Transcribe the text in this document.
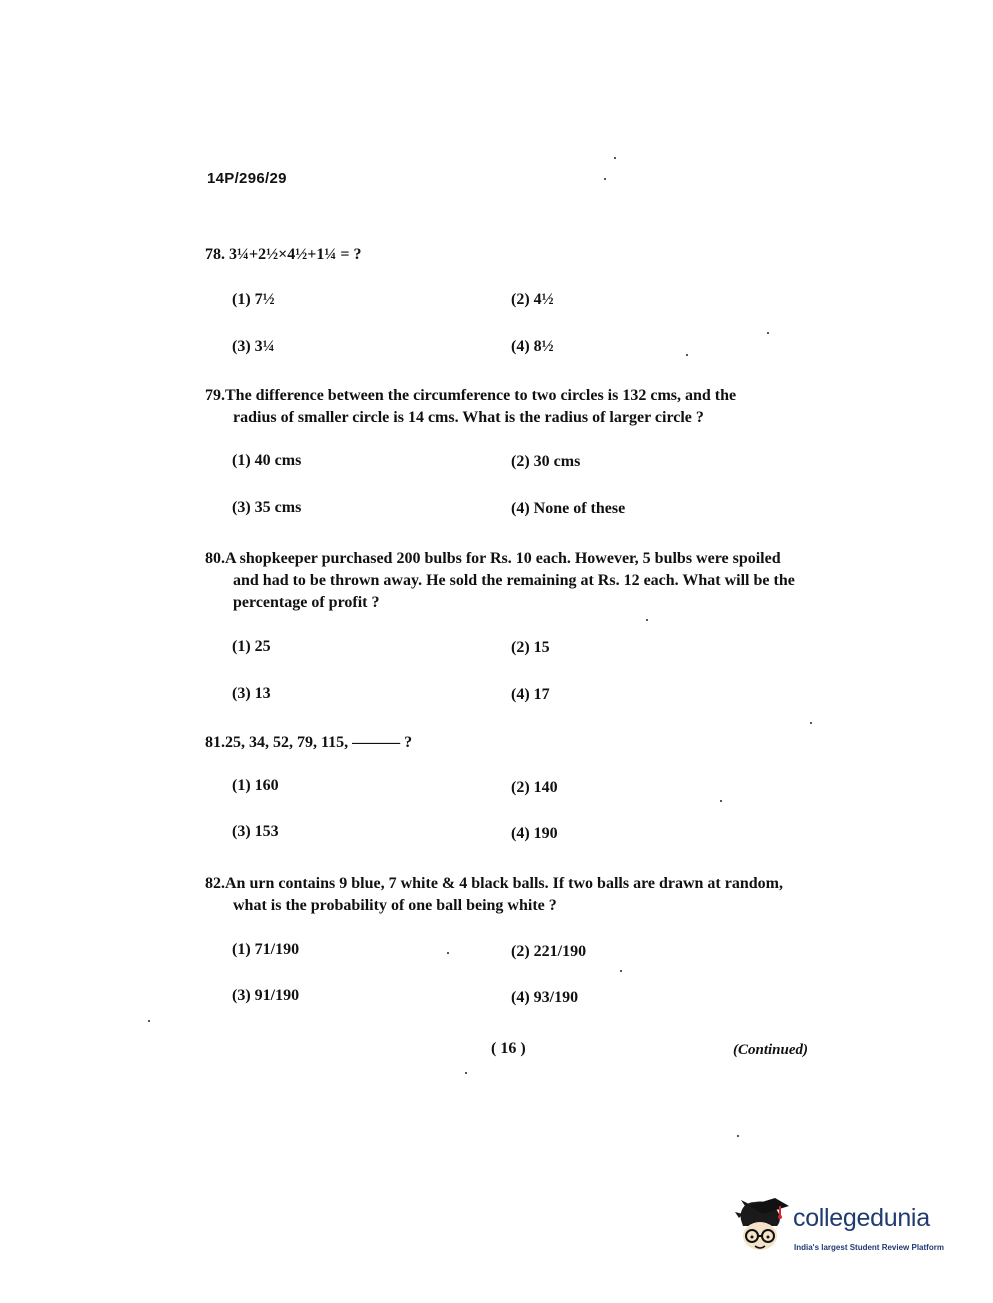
14P/296/29
78. 3¼+2½×4½+1¼ = ?
(1) 7½	(2) 4½
(3) 3¼	(4) 8½
79.The difference between the circumference to two circles is 132 cms, and the
radius of smaller circle is 14 cms. What is the radius of larger circle ?
(1) 40 cms	(2) 30 cms
(3) 35 cms	(4) None of these
80.A shopkeeper purchased 200 bulbs for Rs. 10 each. However, 5 bulbs were spoiled
and had to be thrown away. He sold the remaining at Rs. 12 each. What will be the
percentage of profit ?
(1) 25	(2) 15
(3) 13	(4) 17
81.25, 34, 52, 79, 115, ——— ?
(1) 160	(2) 140
(3) 153	(4) 190
82.An urn contains 9 blue, 7 white & 4 black balls. If two balls are drawn at random,
what is the probability of one ball being white ?
(1) 71/190	(2) 221/190
(3) 91/190	(4) 93/190
( 16 )	(Continued)
collegedunia
India's largest Student Review Platform
